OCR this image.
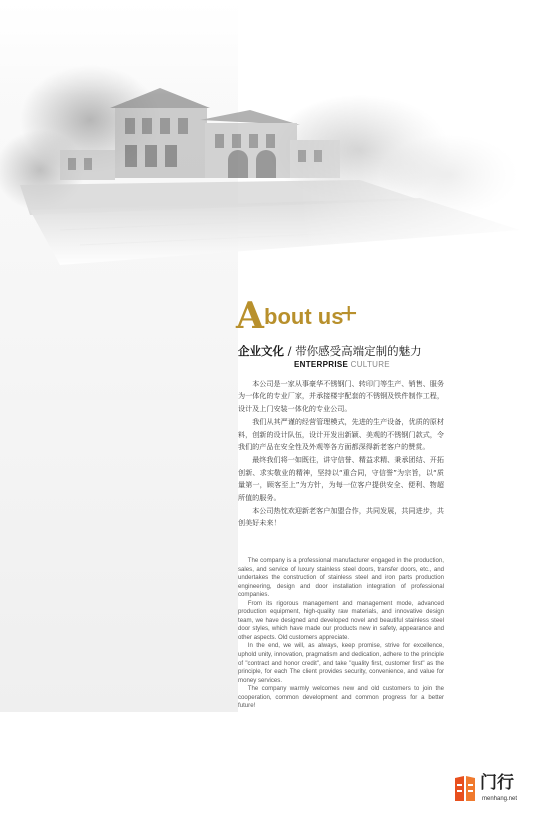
A bout us
+
企业文化 / 带你感受高端定制的魅力
ENTERPRISE CULTURE

本公司是一家从事豪华不锈钢门、转印门等生产、销售、服务为一体化的专业厂家，并承接楼宇配套的不锈钢及铁件制作工程，设计及上门安装一体化的专业公司。

我们从其严谨的经营管理模式，先进的生产设备，优质的原材料，创新的设计队伍，设计开发出新颖、美观的不锈钢门款式，令我们的产品在安全性及外观等各方面都深得新老客户的赞赏。

最终我们将一如既往，讲守信誉、精益求精、秉承团结、开拓创新、求实敬业的精神，坚持以“重合同，守信誉”为宗旨，以“质量第一，顾客至上”为方针，为每一位客户提供安全、便利、物超所值的服务。

本公司热忱欢迎新老客户加盟合作，共同发展，共同进步，共创美好未来！

The company is a professional manufacturer engaged in the production, sales, and service of luxury stainless steel doors, transfer doors, etc., and undertakes the construction of stainless steel and iron parts production engineering, design and door installation integration of professional companies.

From its rigorous management and management mode, advanced production equipment, high-quality raw materials, and innovative design team, we have designed and developed novel and beautiful stainless steel door styles, which have made our products new in safety, appearance and other aspects. Old customers appreciate.

In the end, we will, as always, keep promise, strive for excellence, uphold unity, innovation, pragmatism and dedication, adhere to the principle of "contract and honor credit", and take "quality first, customer first" as the principle, for each The client provides security, convenience, and value for money services.

The company warmly welcomes new and old customers to join the cooperation, common development and common progress for a better future!

门行
menhang.net
